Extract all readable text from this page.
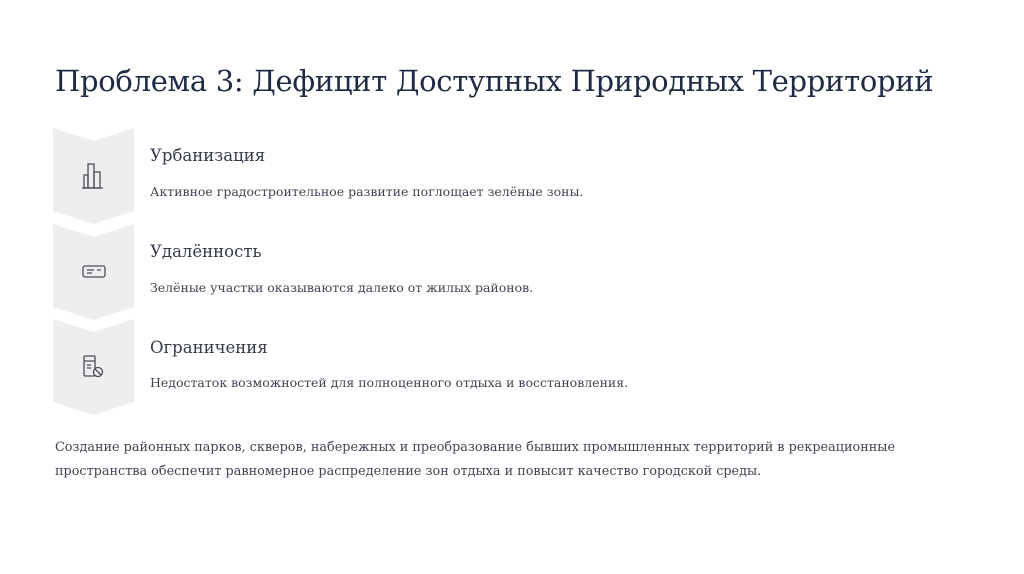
Проблема 3: Дефицит Доступных Природных Территорий
Урбанизация
Активное градостроительное развитие поглощает зелёные зоны.
Удалённость
Зелёные участки оказываются далеко от жилых районов.
Ограничения
Недостаток возможностей для полноценного отдыха и восстановления.
Создание районных парков, скверов, набережных и преобразование бывших промышленных территорий в рекреационные пространства обеспечит равномерное распределение зон отдыха и повысит качество городской среды.
